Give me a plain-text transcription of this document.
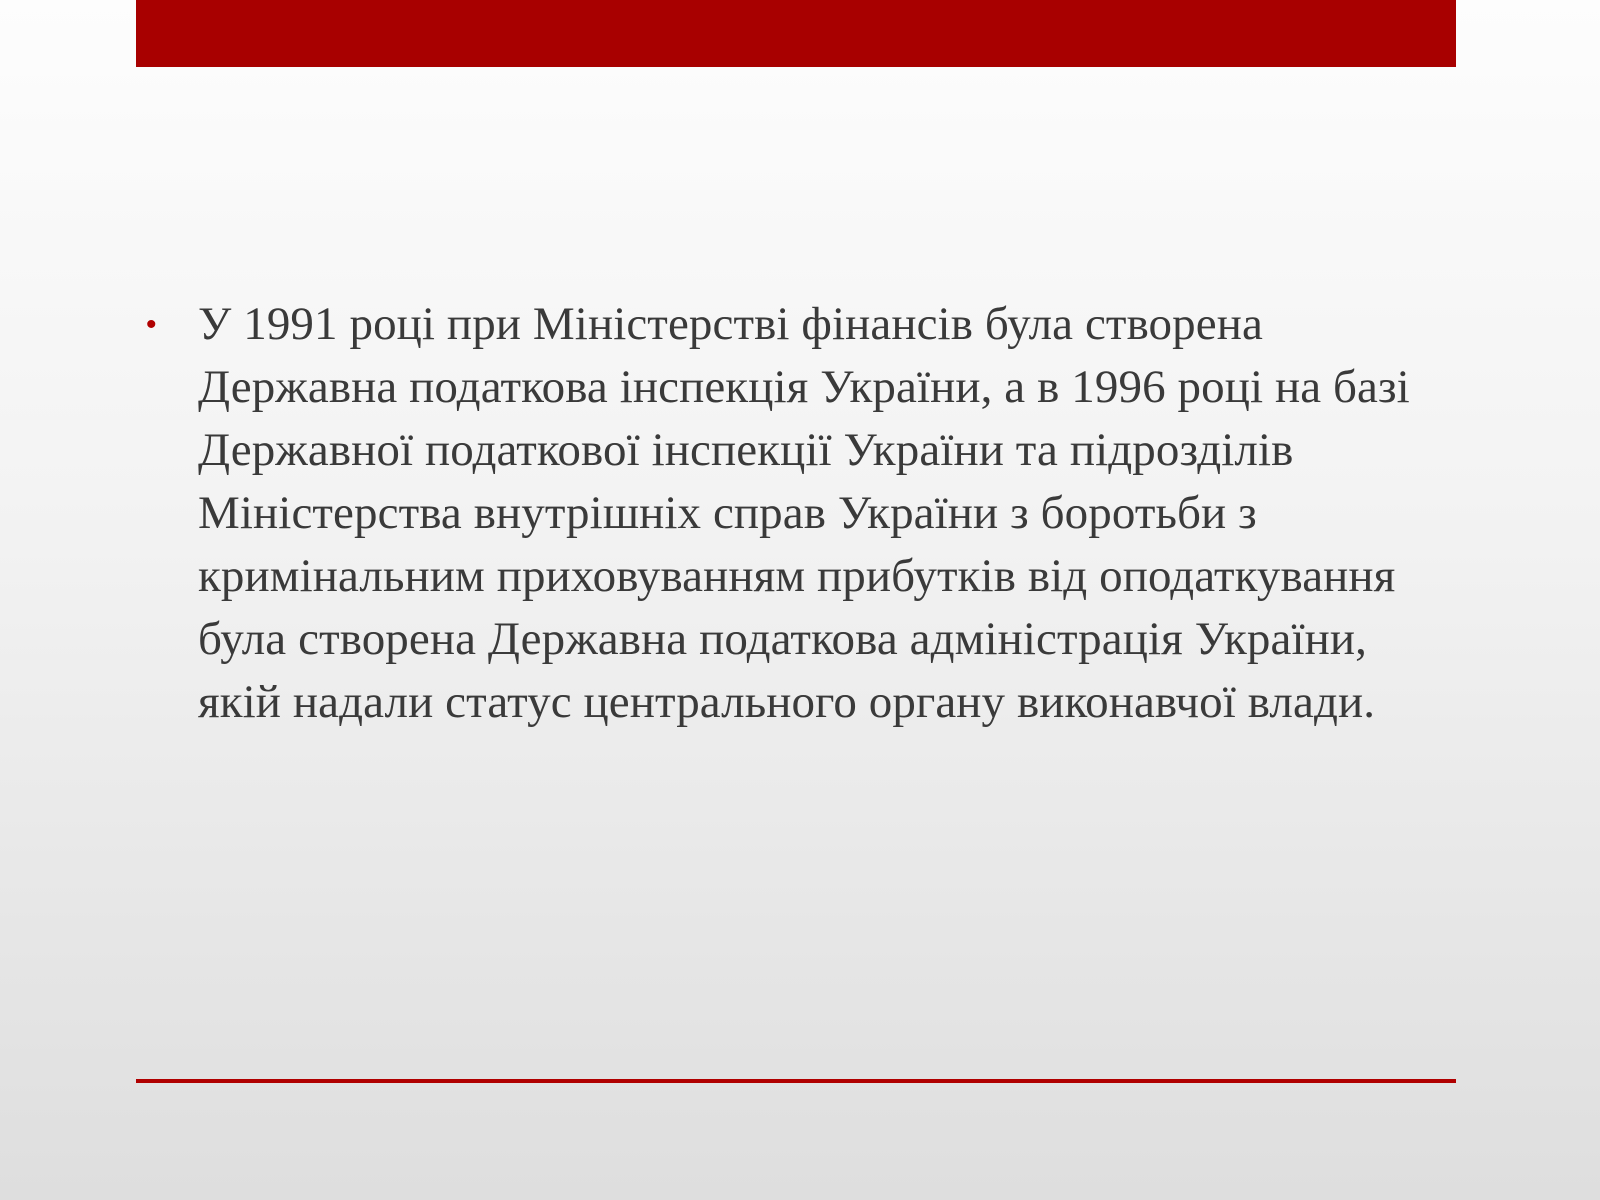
• У 1991 році при Міністерстві фінансів була створена Державна податкова інспекція України, а в 1996 році на базі Державної податкової інспекції України та підрозділів Міністерства внутрішніх справ України з боротьби з кримінальним приховуванням прибутків від оподаткування була створена Державна податкова адміністрація України, якій надали статус центрального органу виконавчої влади.
